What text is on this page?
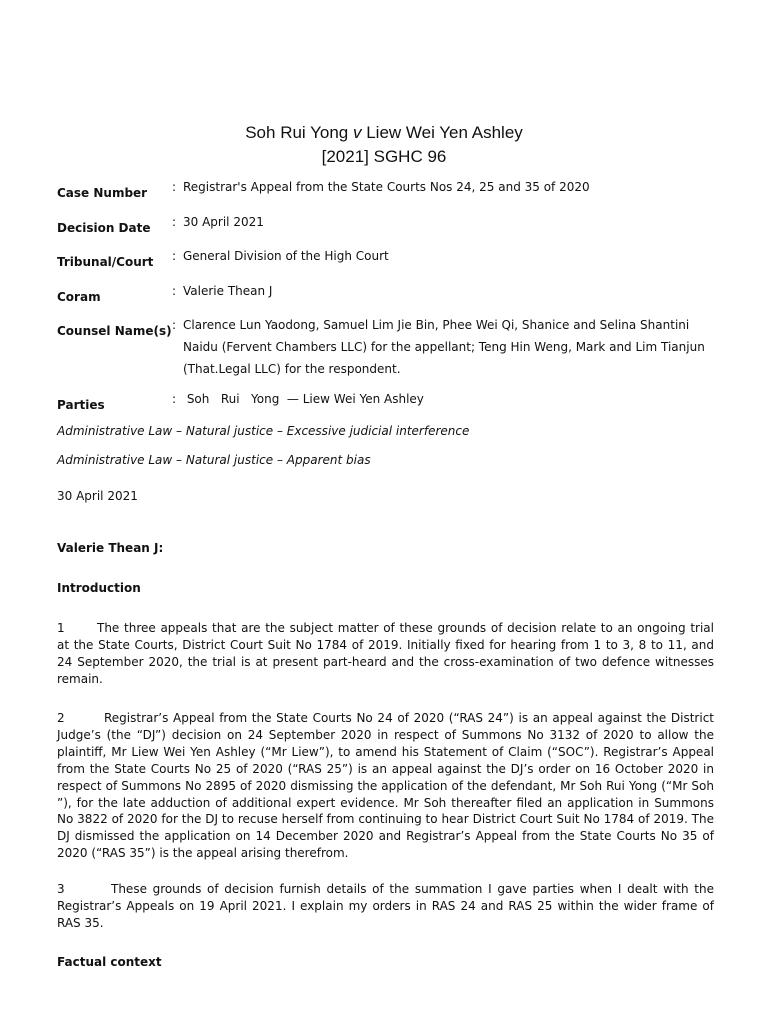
Soh Rui Yong v Liew Wei Yen Ashley
[2021] SGHC 96
Case Number	: Registrar's Appeal from the State Courts Nos 24, 25 and 35 of 2020
Decision Date	: 30 April 2021
Tribunal/Court	: General Division of the High Court
Coram	: Valerie Thean J
Counsel Name(s) : Clarence Lun Yaodong, Samuel Lim Jie Bin, Phee Wei Qi, Shanice and Selina Shantini Naidu (Fervent Chambers LLC) for the appellant; Teng Hin Weng, Mark and Lim Tianjun (That.Legal LLC) for the respondent.
Parties	: Soh   Rui   Yong  — Liew Wei Yen Ashley
Administrative Law – Natural justice – Excessive judicial interference
Administrative Law – Natural justice – Apparent bias
30 April 2021
Valerie Thean J:
Introduction
1	The three appeals that are the subject matter of these grounds of decision relate to an ongoing trial at the State Courts, District Court Suit No 1784 of 2019. Initially fixed for hearing from 1 to 3, 8 to 11, and 24 September 2020, the trial is at present part-heard and the cross-examination of two defence witnesses remain.
2	Registrar’s Appeal from the State Courts No 24 of 2020 (“RAS 24”) is an appeal against the District Judge’s (the “DJ”) decision on 24 September 2020 in respect of Summons No 3132 of 2020 to allow the plaintiff, Mr Liew Wei Yen Ashley (“Mr Liew”), to amend his Statement of Claim (“SOC”). Registrar’s Appeal from the State Courts No 25 of 2020 (“RAS 25”) is an appeal against the DJ’s order on 16 October 2020 in respect of Summons No 2895 of 2020 dismissing the application of the defendant, Mr Soh Rui Yong (“Mr Soh ”), for the late adduction of additional expert evidence. Mr Soh thereafter filed an application in Summons No 3822 of 2020 for the DJ to recuse herself from continuing to hear District Court Suit No 1784 of 2019. The DJ dismissed the application on 14 December 2020 and Registrar’s Appeal from the State Courts No 35 of 2020 (“RAS 35”) is the appeal arising therefrom.
3	These grounds of decision furnish details of the summation I gave parties when I dealt with the Registrar’s Appeals on 19 April 2021. I explain my orders in RAS 24 and RAS 25 within the wider frame of RAS 35.
Factual context
